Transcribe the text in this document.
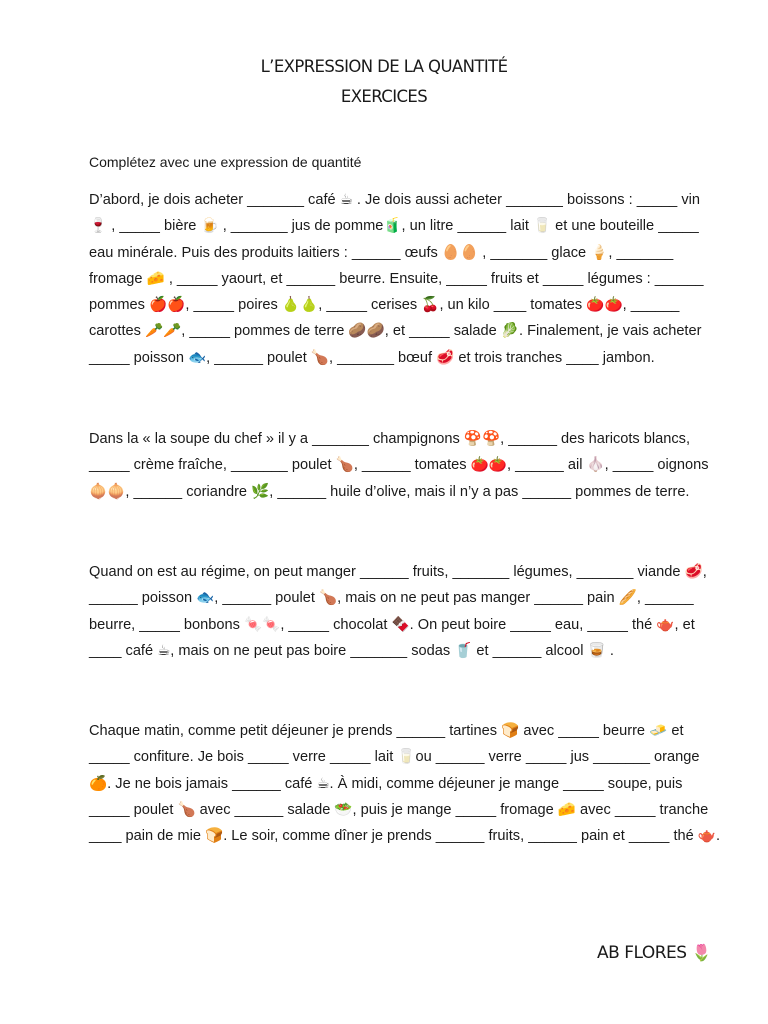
L’EXPRESSION DE LA QUANTITÉ
EXERCICES
Complétez avec une expression de quantité
D’abord, je dois acheter _______ café ☕ . Je dois aussi acheter _______ boissons : _____ vin 🍷 , _____ bière 🍺 , _______ jus de pomme🧃, un litre ______ lait 🥛 et une bouteille _____ eau minérale. Puis des produits laitiers : ______ œufs 🥚🥚 , _______ glace 🍦, _______ fromage 🧀 , _____ yaourt, et ______ beurre. Ensuite, _____ fruits et _____ légumes : ______ pommes 🍎🍎, _____ poires 🍐🍐, _____ cerises 🍒, un kilo ____ tomates 🍅🍅, ______ carottes 🥕🥕, _____ pommes de terre 🥔🥔, et _____ salade 🥬. Finalement, je vais acheter _____ poisson 🐟, ______ poulet 🍗, _______ bœuf 🥩 et trois tranches ____ jambon.
Dans la « la soupe du chef » il y a _______ champignons 🍄🍄, ______ des haricots blancs, _____ crème fraîche, _______ poulet 🍗, ______ tomates 🍅🍅, ______ ail 🧄, _____ oignons 🧅🧅, ______ coriandre 🌿, ______ huile d’olive, mais il n’y a pas ______ pommes de terre.
Quand on est au régime, on peut manger ______ fruits, _______ légumes, _______ viande 🥩, ______ poisson 🐟, ______ poulet 🍗, mais on ne peut pas manger ______ pain 🥖, ______ beurre, _____ bonbons 🍬🍬, _____ chocolat 🍫. On peut boire _____ eau, _____ thé 🫖, et ____ café ☕, mais on ne peut pas boire _______ sodas 🥤 et ______ alcool 🥃 .
Chaque matin, comme petit déjeuner je prends ______ tartines 🍞 avec _____ beurre 🧈 et _____ confiture. Je bois _____ verre _____ lait 🥛ou ______ verre _____ jus _______ orange 🍊. Je ne bois jamais ______ café ☕. À midi, comme déjeuner je mange _____ soupe, puis _____ poulet 🍗 avec ______ salade 🥗, puis je mange _____ fromage 🧀 avec _____ tranche ____ pain de mie 🍞. Le soir, comme dîner je prends ______ fruits, ______ pain et _____ thé 🫖.
AB FLORES 🌷
